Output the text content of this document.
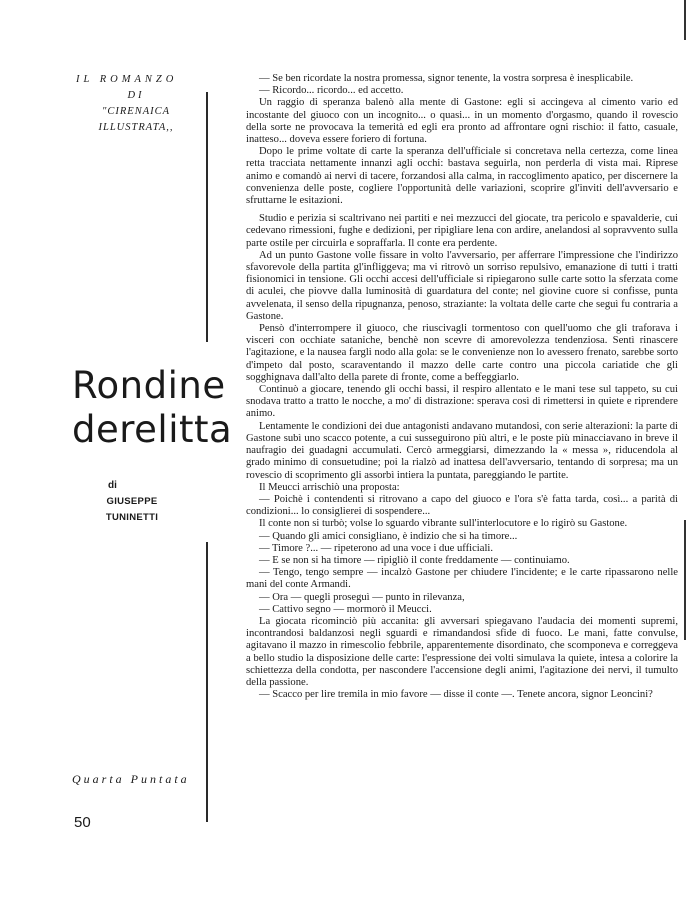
IL ROMANZO
DI
"CIRENAICA
ILLUSTRATA,,
Rondine
derelitta
di
GIUSEPPE
TUNINETTI
Quarta Puntata

— Se ben ricordate la nostra promessa, signor tenente, la vostra sorpresa è inesplicabile.

— Ricordo... ricordo... ed accetto.

Un raggio di speranza balenò alla mente di Gastone: egli si accingeva al cimento vario ed incostante del giuoco con un incognito... o quasi... in un momento d'orgasmo, quando il rovescio della sorte ne provocava la temerità ed egli era pronto ad affrontare ogni rischio: il fatto, casuale, inatteso... doveva essere foriero di fortuna.

Dopo le prime voltate di carte la speranza dell'ufficiale si concretava nella certezza, come linea retta tracciata nettamente innanzi agli occhi: bastava seguirla, non perderla di vista mai. Riprese animo e comandò ai nervi di tacere, forzandosi alla calma, in raccoglimento apatico, per discernere la convenienza delle poste, cogliere l'opportunità delle variazioni, scoprire gl'inviti dell'avversario e sfruttarne le esitazioni.

Studio e perizia si scaltrivano nei partiti e nei mezzucci del giocate, tra pericolo e spavalderie, cui cedevano rimessioni, fughe e dedizioni, per ripigliare lena con ardire, anelandosi al sopravvento sulla parte ostile per circuirla e sopraffarla. Il conte era perdente.

Ad un punto Gastone volle fissare in volto l'avversario, per afferrare l'impressione che l'indirizzo sfavorevole della partita gl'infliggeva; ma vi ritrovò un sorriso repulsivo, emanazione di tutti i tratti fisionomici in tensione. Gli occhi accesi dell'ufficiale si ripiegarono sulle carte sotto la sferzata come di aculei, che piovve dalla luminosità di guardatura del conte; nel giovine cuore si confisse, punta avvelenata, il senso della ripugnanza, penoso, straziante: la voltata delle carte che seguì fu contraria a Gastone.

Pensò d'interrompere il giuoco, che riuscivagli tormentoso con quell'uomo che gli traforava i visceri con occhiate sataniche, benchè non scevre di amorevolezza tendenziosa. Sentì rinascere l'agitazione, e la nausea fargli nodo alla gola: se le convenienze non lo avessero frenato, sarebbe sorto d'impeto dal posto, scaraventando il mazzo delle carte contro una piccola cariatide che gli sogghignava dall'alto della parete di fronte, come a beffeggiarlo.

Continuò a giocare, tenendo gli occhi bassi, il respiro allentato e le mani tese sul tappeto, su cui snodava tratto a tratto le nocche, a mo' di distrazione: sperava così di rimettersi in quiete e riprendere animo.

Lentamente le condizioni dei due antagonisti andavano mutandosi, con serie alterazioni: la parte di Gastone subì uno scacco potente, a cui susseguirono più altri, e le poste più minacciavano in breve il naufragio dei guadagni accumulati. Cercò armeggiarsi, dimezzando la « messa », riducendola al grado minimo di consuetudine; poi la rialzò ad inattesa dell'avversario, tentando di sorpresa; ma un rovescio di scoprimento gli assorbì intiera la puntata, pareggiando le partite.

Il Meucci arrischiò una proposta:

— Poichè i contendenti si ritrovano a capo del giuoco e l'ora s'è fatta tarda, così... a parità di condizioni... lo consiglierei di sospendere...

Il conte non si turbò; volse lo sguardo vibrante sull'interlocutore e lo rigirò su Gastone.

— Quando gli amici consigliano, è indizio che si ha timore...

— Timore ?... — ripeterono ad una voce i due ufficiali.

— E se non si ha timore — ripigliò il conte freddamente — continuiamo.

— Tengo, tengo sempre — incalzò Gastone per chiudere l'incidente; e le carte ripassarono nelle mani del conte Armandi.

— Ora — quegli proseguì — punto in rilevanza,

— Cattivo segno — mormorò il Meucci.

La giocata ricominciò più accanita: gli avversari spiegavano l'audacia dei momenti supremi, incontrandosi baldanzosi negli sguardi e rimandandosi sfide di fuoco. Le mani, fatte convulse, agitavano il mazzo in rimescolio febbrile, apparentemente disordinato, che scomponeva e correggeva a bello studio la disposizione delle carte: l'espressione dei volti simulava la quiete, intesa a colorire la schiettezza della condotta, per nascondere l'accensione degli animi, l'agitazione dei nervi, il tumulto della passione.

— Scacco per lire tremila in mio favore — disse il conte —. Tenete ancora, signor Leoncini?

50
